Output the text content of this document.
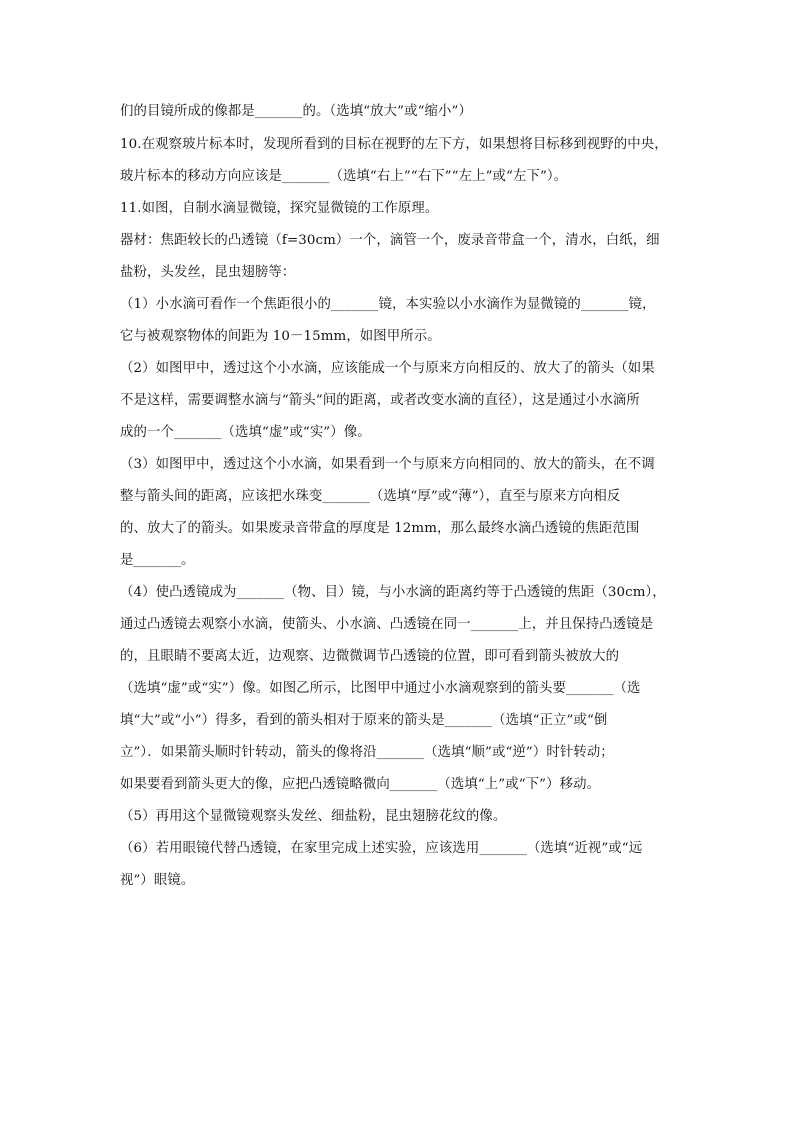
们的目镜所成的像都是_______的。（选填“放大”或“缩小”）
10.在观察玻片标本时，发现所看到的目标在视野的左下方，如果想将目标移到视野的中央，
玻片标本的移动方向应该是_______（选填“右上”“右下”“左上”或“左下”）。
11.如图，自制水滴显微镜，探究显微镜的工作原理。
器材：焦距较长的凸透镜（f=30cm）一个，滴管一个，废录音带盒一个，清水，白纸，细
盐粉，头发丝，昆虫翅膀等：
（1）小水滴可看作一个焦距很小的_______镜，本实验以小水滴作为显微镜的_______镜，
它与被观察物体的间距为 10－15mm，如图甲所示。
（2）如图甲中，透过这个小水滴，应该能成一个与原来方向相反的、放大了的箭头（如果
不是这样，需要调整水滴与“箭头”间的距离，或者改变水滴的直径），这是通过小水滴所
成的一个_______（选填“虚”或“实”）像。
（3）如图甲中，透过这个小水滴，如果看到一个与原来方向相同的、放大的箭头，在不调
整与箭头间的距离，应该把水珠变_______（选填“厚”或“薄”），直至与原来方向相反
的、放大了的箭头。如果废录音带盒的厚度是 12mm，那么最终水滴凸透镜的焦距范围
是_______。
（4）使凸透镜成为_______（物、目）镜，与小水滴的距离约等于凸透镜的焦距（30cm），
通过凸透镜去观察小水滴，使箭头、小水滴、凸透镜在同一_______上，并且保持凸透镜是
的，且眼睛不要离太近，边观察、边微微调节凸透镜的位置，即可看到箭头被放大的
（选填“虚”或“实”）像。如图乙所示，比图甲中通过小水滴观察到的箭头要_______（选
填“大”或“小”）得多，看到的箭头相对于原来的箭头是_______（选填“正立”或“倒
立”）．如果箭头顺时针转动，箭头的像将沿_______（选填“顺”或“逆”）时针转动；
如果要看到箭头更大的像，应把凸透镜略微向_______（选填“上”或“下”）移动。
（5）再用这个显微镜观察头发丝、细盐粉，昆虫翅膀花纹的像。
（6）若用眼镜代替凸透镜，在家里完成上述实验，应该选用_______（选填“近视”或“远
视”）眼镜。
